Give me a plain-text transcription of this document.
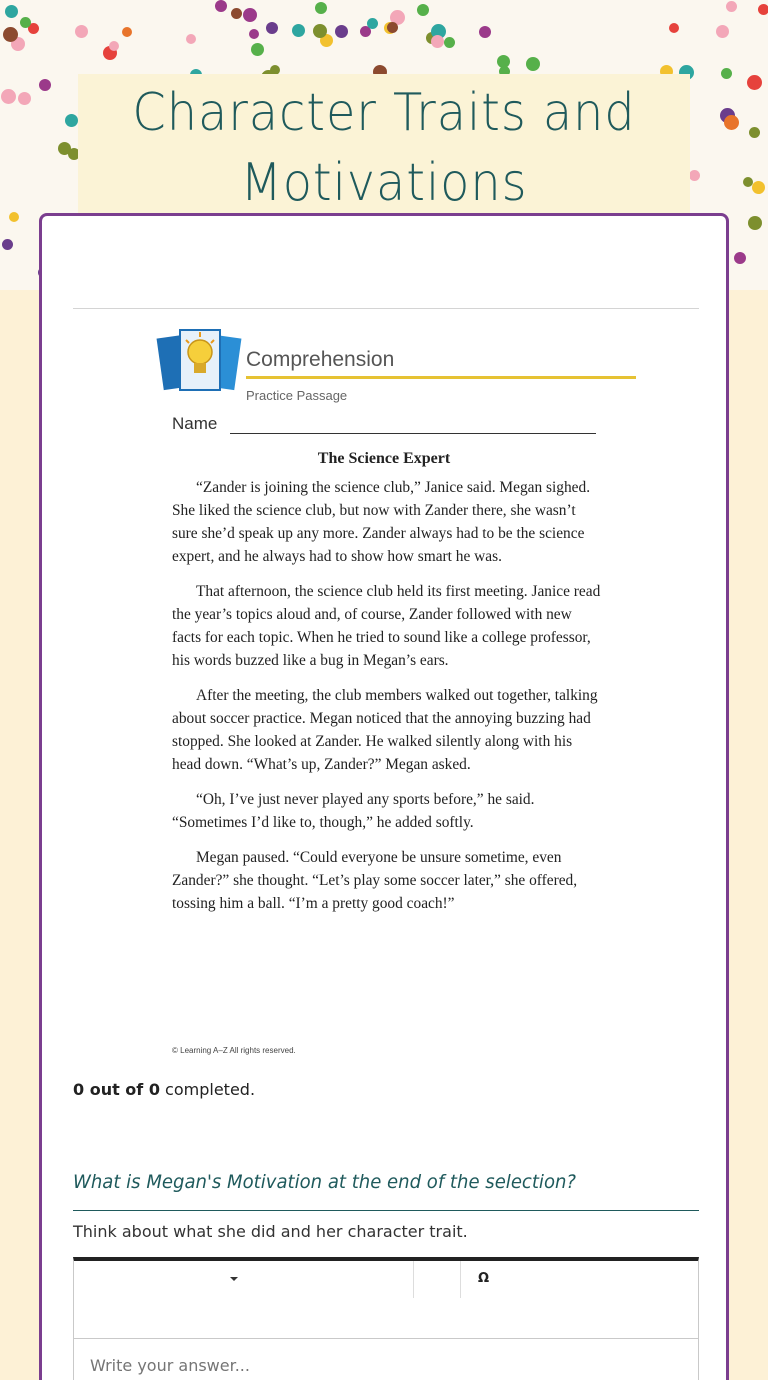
Character Traits and Motivations
Comprehension
Practice Passage
Name
The Science Expert

“Zander is joining the science club,” Janice said. Megan sighed. She liked the science club, but now with Zander there, she wasn’t sure she’d speak up any more. Zander always had to be the science expert, and he always had to show how smart he was.

That afternoon, the science club held its first meeting. Janice read the year’s topics aloud and, of course, Zander followed with new facts for each topic. When he tried to sound like a college professor, his words buzzed like a bug in Megan’s ears.

After the meeting, the club members walked out together, talking about soccer practice. Megan noticed that the annoying buzzing had stopped. She looked at Zander. He walked silently along with his head down. “What’s up, Zander?” Megan asked.

“Oh, I’ve just never played any sports before,” he said. “Sometimes I’d like to, though,” he added softly.

Megan paused. “Could everyone be unsure sometime, even Zander?” she thought. “Let’s play some soccer later,” she offered, tossing him a ball. “I’m a pretty good coach!”

© Learning A–Z All rights reserved.
0 out of 0 completed.
What is Megan's Motivation at the end of the selection?
Think about what she did and her character trait.
Ω
Write your answer...
